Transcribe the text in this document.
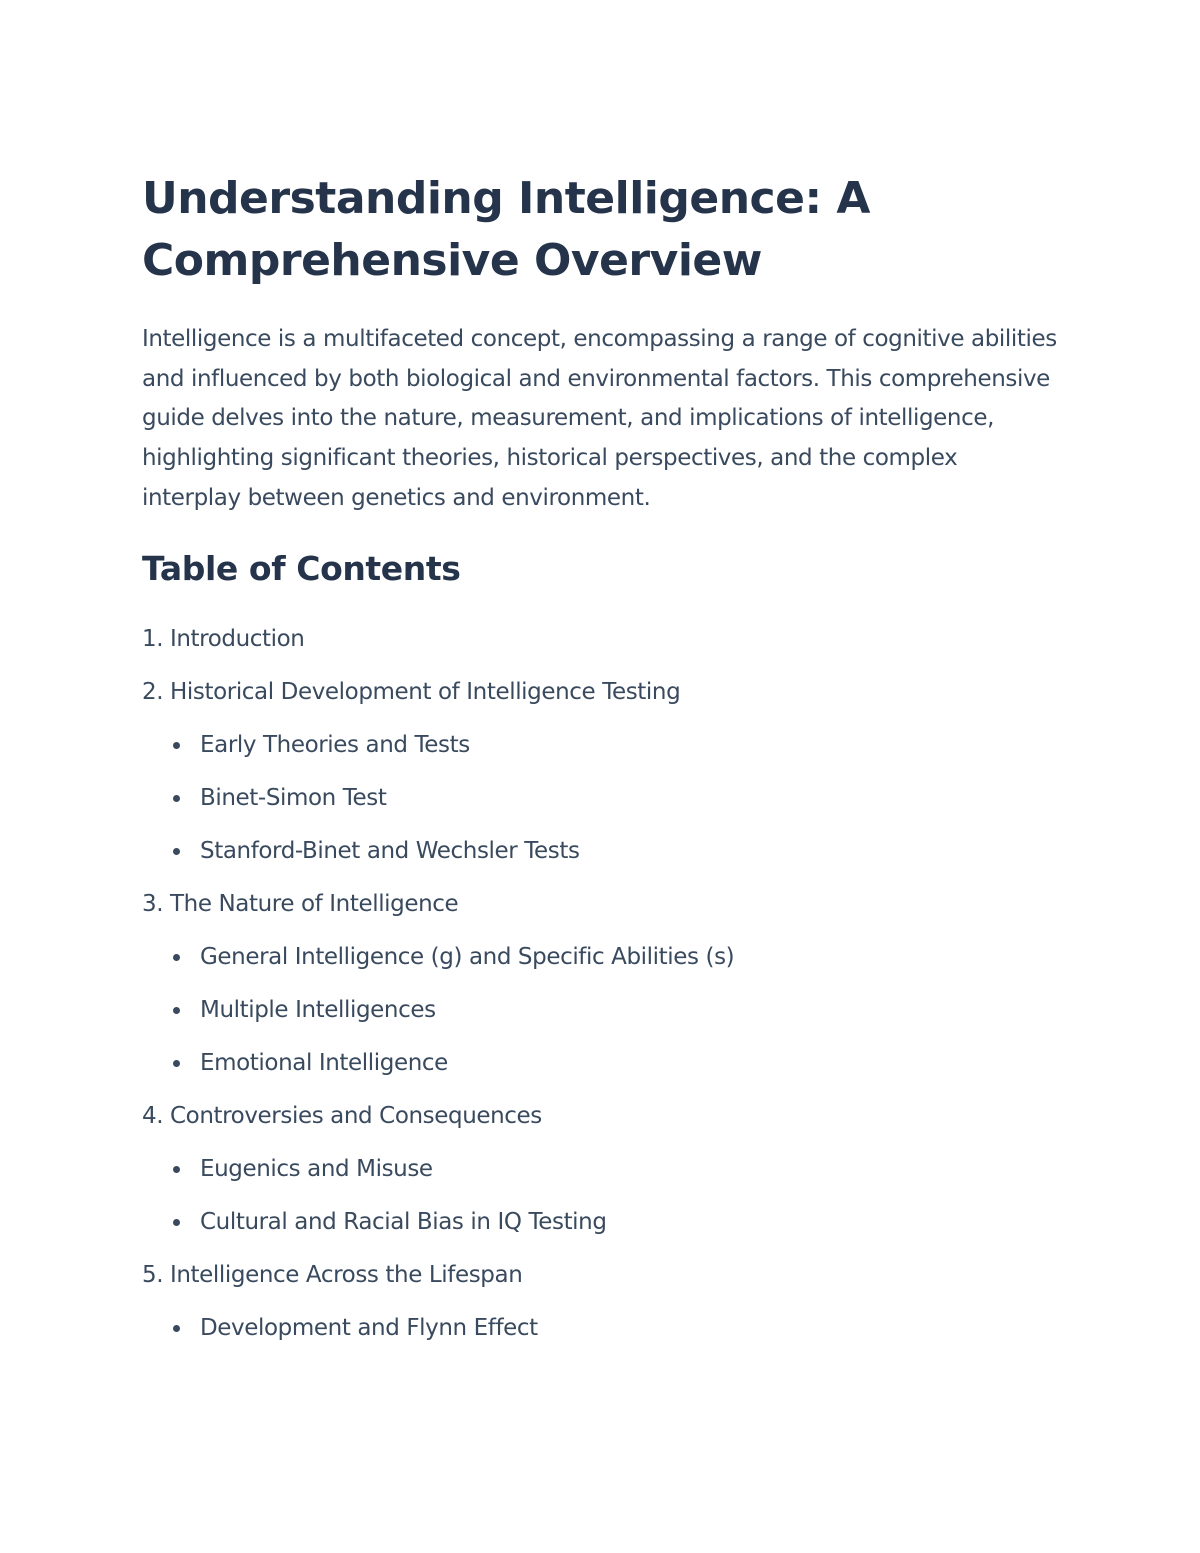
Understanding Intelligence: A Comprehensive Overview

Intelligence is a multifaceted concept, encompassing a range of cognitive abilities and influenced by both biological and environmental factors. This comprehensive guide delves into the nature, measurement, and implications of intelligence, highlighting significant theories, historical perspectives, and the complex interplay between genetics and environment.

Table of Contents
1. Introduction
2. Historical Development of Intelligence Testing
Early Theories and Tests
Binet-Simon Test
Stanford-Binet and Wechsler Tests
3. The Nature of Intelligence
General Intelligence (g) and Specific Abilities (s)
Multiple Intelligences
Emotional Intelligence
4. Controversies and Consequences
Eugenics and Misuse
Cultural and Racial Bias in IQ Testing
5. Intelligence Across the Lifespan
Development and Flynn Effect
